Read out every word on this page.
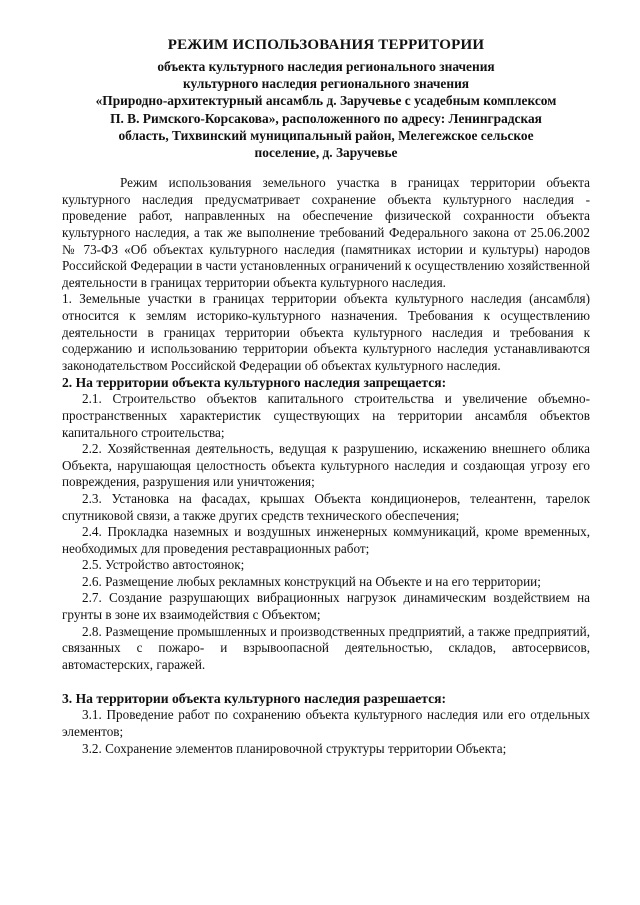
РЕЖИМ ИСПОЛЬЗОВАНИЯ ТЕРРИТОРИИ
объекта культурного наследия регионального значения
культурного наследия регионального значения
«Природно-архитектурный ансамбль д. Заручевье с усадебным комплексом
П. В. Римского-Корсакова», расположенного по адресу: Ленинградская
область, Тихвинский муниципальный район, Мелегежское сельское
поселение, д. Заручевье

Режим использования земельного участка в границах территории объекта культурного наследия предусматривает сохранение объекта культурного наследия - проведение работ, направленных на обеспечение физической сохранности объекта культурного наследия, а так же выполнение требований Федерального закона от 25.06.2002 № 73-ФЗ «Об объектах культурного наследия (памятниках истории и культуры) народов Российской Федерации в части установленных ограничений к осуществлению хозяйственной деятельности в границах территории объекта культурного наследия.

1. Земельные участки в границах территории объекта культурного наследия (ансамбля) относится к землям историко-культурного назначения. Требования к осуществлению деятельности в границах территории объекта культурного наследия и требования к содержанию и использованию территории объекта культурного наследия устанавливаются законодательством Российской Федерации об объектах культурного наследия.

2. На территории объекта культурного наследия запрещается:

2.1. Строительство объектов капитального строительства и увеличение объемно-пространственных характеристик существующих на территории ансамбля объектов капитального строительства;

2.2. Хозяйственная деятельность, ведущая к разрушению, искажению внешнего облика Объекта, нарушающая целостность объекта культурного наследия и создающая угрозу его повреждения, разрушения или уничтожения;

2.3. Установка на фасадах, крышах Объекта кондиционеров, телеантенн, тарелок спутниковой связи, а также других средств технического обеспечения;

2.4. Прокладка наземных и воздушных инженерных коммуникаций, кроме временных, необходимых для проведения реставрационных работ;

2.5. Устройство автостоянок;

2.6. Размещение любых рекламных конструкций на Объекте и на его территории;

2.7. Создание разрушающих вибрационных нагрузок динамическим воздействием на грунты в зоне их взаимодействия с Объектом;

2.8. Размещение промышленных и производственных предприятий, а также предприятий, связанных с пожаро- и взрывоопасной деятельностью, складов, автосервисов, автомастерских, гаражей.

3. На территории объекта культурного наследия разрешается:

3.1. Проведение работ по сохранению объекта культурного наследия или его отдельных элементов;

3.2. Сохранение элементов планировочной структуры территории Объекта;
